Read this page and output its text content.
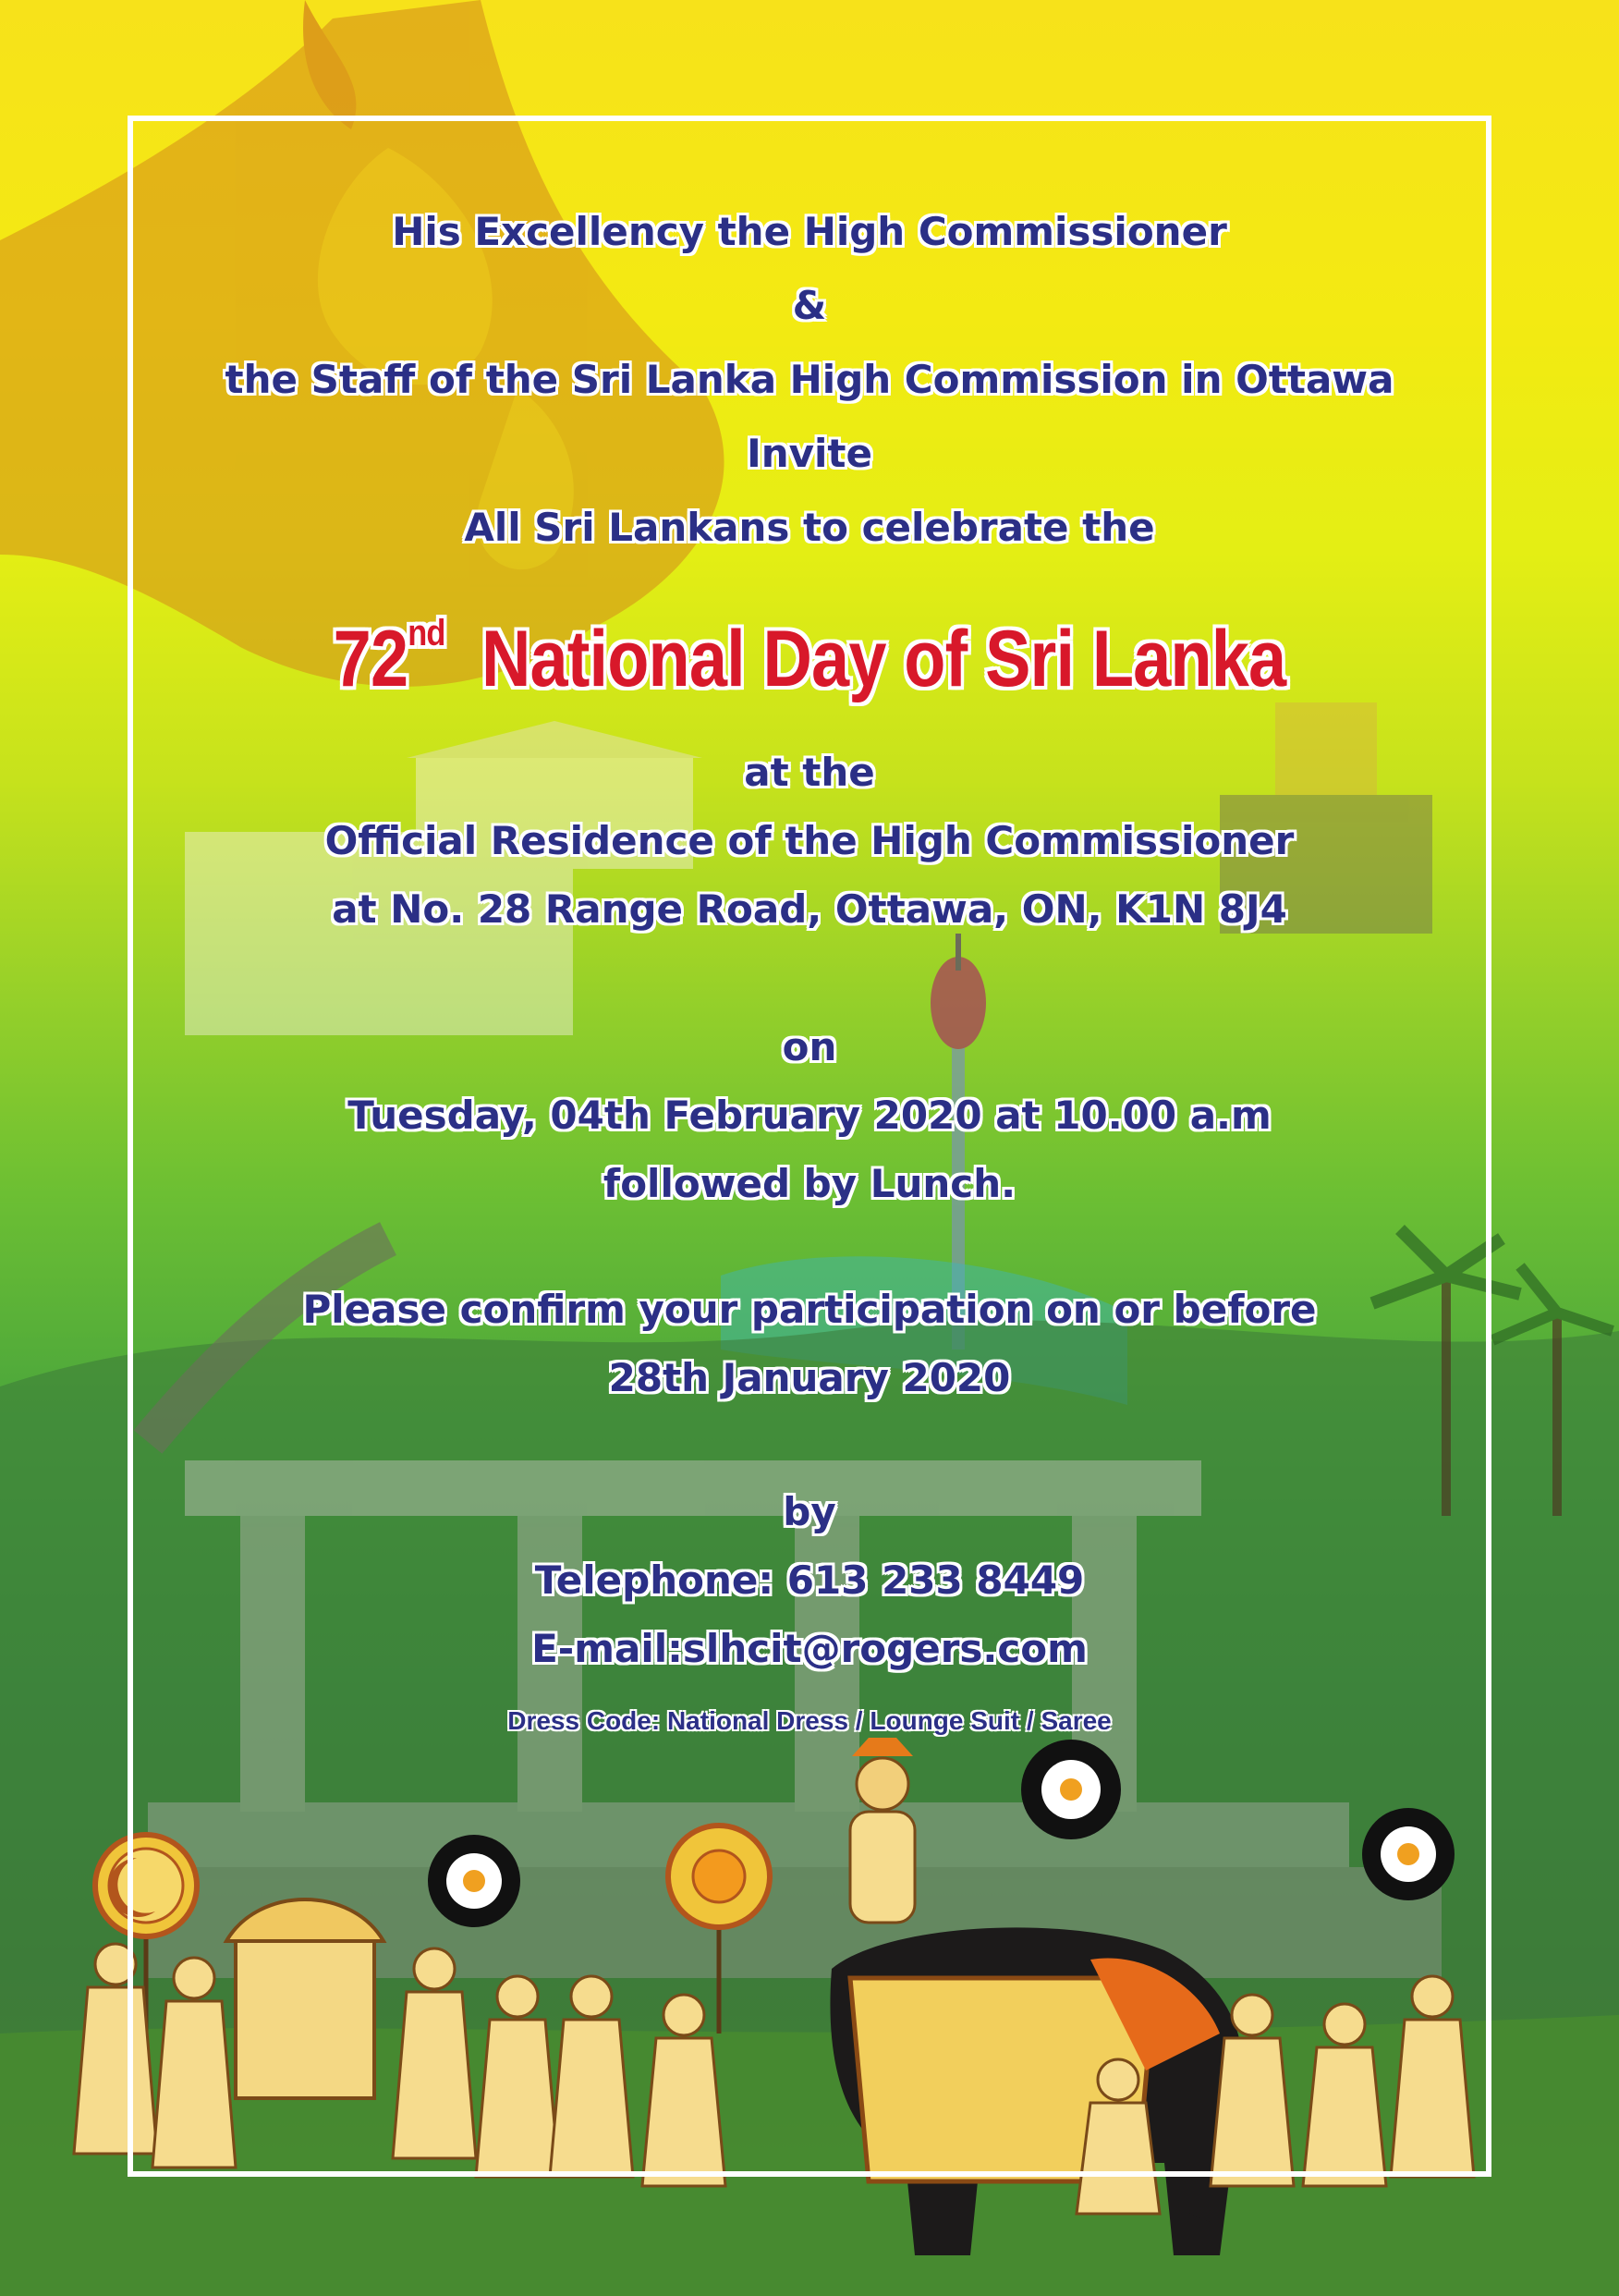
His Excellency the High Commissioner
&
the Staff of the Sri Lanka High Commission in Ottawa
Invite
All Sri Lankans to celebrate the
72nd National Day of Sri Lanka
at the
Official Residence of the High Commissioner
at No. 28 Range Road, Ottawa, ON, K1N 8J4
on
Tuesday, 04th February 2020 at 10.00 a.m
followed by Lunch.
Please confirm your participation on or before
28th January 2020
by
Telephone: 613 233 8449
E-mail:slhcit@rogers.com
Dress Code: National Dress / Lounge Suit / Saree
